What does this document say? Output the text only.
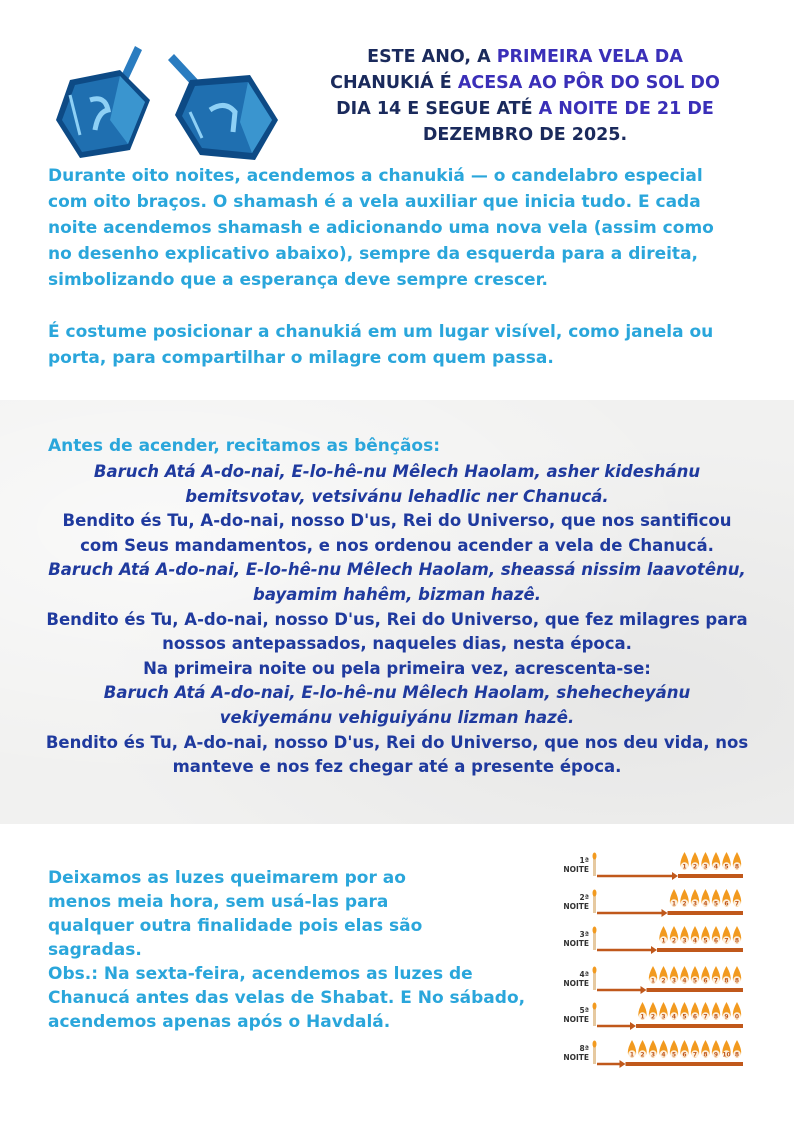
ESTE ANO, A PRIMEIRA VELA DA
CHANUKIÁ É ACESA AO PÔR DO SOL DO
DIA 14 E SEGUE ATÉ A NOITE DE 21 DE
DEZEMBRO DE 2025.

Durante oito noites, acendemos a chanukiá — o candelabro especial com oito braços. O shamash é a vela auxiliar que inicia tudo. E cada noite acendemos shamash e adicionando uma nova vela (assim como no desenho explicativo abaixo), sempre da esquerda para a direita, simbolizando que a esperança deve sempre crescer.

É costume posicionar a chanukiá em um lugar visível, como janela ou porta, para compartilhar o milagre com quem passa.

Antes de acender, recitamos as bênçãos:
Baruch Atá A-do-nai, E-lo-hê-nu Mêlech Haolam, asher kideshánu bemitsvotav, vetsivánu lehadlic ner Chanucá.
Bendito és Tu, A-do-nai, nosso D'us, Rei do Universo, que nos santificou com Seus mandamentos, e nos ordenou acender a vela de Chanucá.
Baruch Atá A-do-nai, E-lo-hê-nu Mêlech Haolam, sheassá nissim laavotênu, bayamim hahêm, bizman hazê.
Bendito és Tu, A-do-nai, nosso D'us, Rei do Universo, que fez milagres para nossos antepassados, naqueles dias, nesta época.
Na primeira noite ou pela primeira vez, acrescenta-se:
Baruch Atá A-do-nai, E-lo-hê-nu Mêlech Haolam, shehecheyánu vekiyemánu vehiguiyánu lizman hazê.
Bendito és Tu, A-do-nai, nosso D'us, Rei do Universo, que nos deu vida, nos manteve e nos fez chegar até a presente época.
Deixamos as luzes queimarem por ao menos meia hora, sem usá-las para qualquer outra finalidade pois elas são sagradas.
Obs.: Na sexta-feira, acendemos as luzes de Chanucá antes das velas de Shabat. E No sábado, acendemos apenas após o Havdalá.
1ª
NOITE	1 2 3 4 5 8
2ª
NOITE	1 2 3 4 5 6 7
3ª
NOITE	1 2 3 4 5 6 7 8
4ª
NOITE	1 2 3 4 5 6 7 8 8
5ª
NOITE	1 2 3 4 5 6 7 8 9 0
8ª
NOITE	1 2 3 4 5 6 7 8 9 10 8
